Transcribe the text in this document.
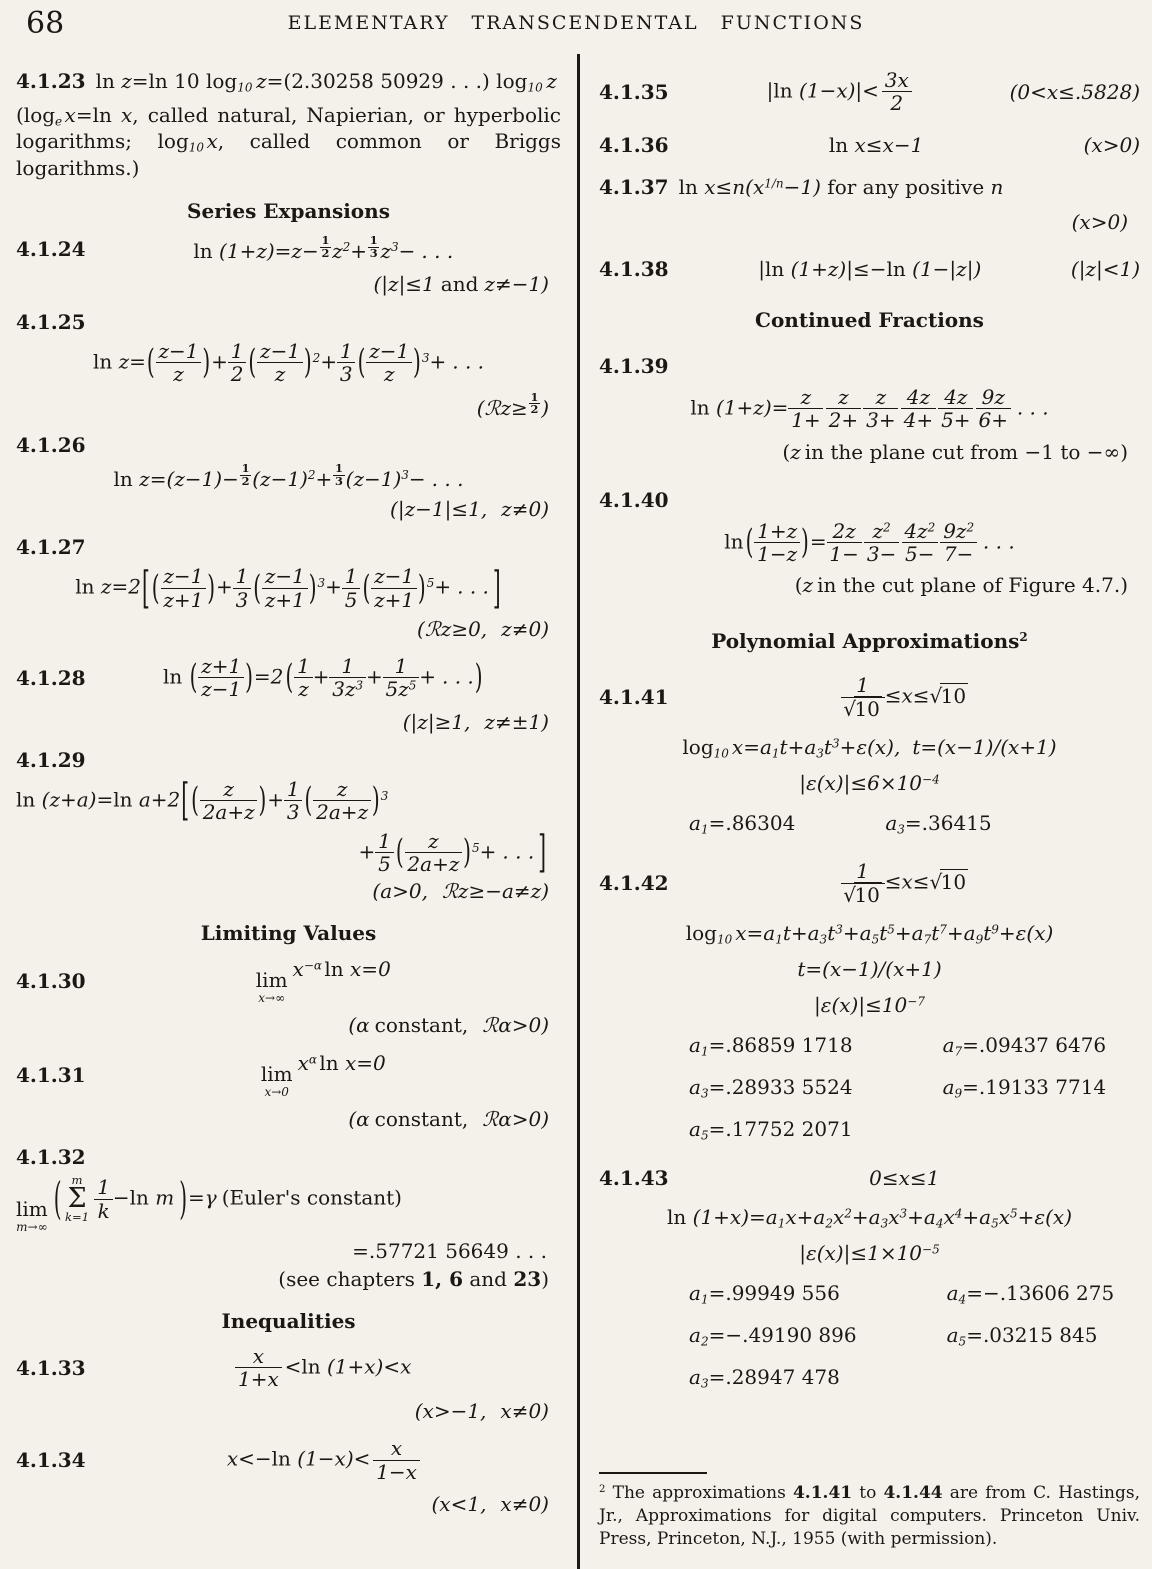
68	ELEMENTARY TRANSCENDENTAL FUNCTIONS
4.1.23 ln z=ln 10 log10 z=(2.30258 50929 . . .) log10 z

(loge x=ln x, called natural, Napierian, or hyperbolic logarithms; log10 x, called common or Briggs logarithms.)

Series Expansions
4.1.24	$\ln (1+z)=z- \frac{1}{2} z^2+ \frac{1}{3} z^3-$ . . .
(|z|≤1 and z≠−1)
4.1.25
$\ln z=( \frac{z-1}{z}$ )+ $\frac{1}{2}$ ( $\frac{z-1}{z} )^2+ \frac{1}{3}$ ( $\frac{z-1}{z} )^3+$ . . .
(ℛz≥ $\frac{1}{2}$ )
4.1.26
$\ln z=(z-1)- \frac{1}{2} (z-1)^2+ \frac{1}{3} (z-1)^3-$ . . .
(|z−1|≤1, z≠0)
4.1.27
ln z=2[ ( $\frac{z-1}{z+1}$ )+ $\frac{1}{3}$ ( $\frac{z-1}{z+1} )^3+ \frac{1}{5}$ ( $\frac{z-1}{z+1} )^5+$ . . . ]
(ℛz≥0, z≠0)
4.1.28	ln ( $\frac{z+1}{z-1} )=2$ ( $\frac{1}{z} + \frac{1}{3z^3} + \frac{1}{5z^5}$ + . . .)
(|z|≥1, z≠±1)
4.1.29
ln (z+a)=ln a+2[ ( $\frac{z}{2a+z}$ )+ $\frac{1}{3}$ ( $\frac{z}{2a+z} )^3$
+ $\frac{1}{5}$ ( $\frac{z}{2a+z} )^5+$ . . . ]
(a>0, ℛz≥−a≠z)
Limiting Values
4.1.30	lim
x→∞
$x^{-\alpha}$ ln x=0
(α constant, ℛα>0)
4.1.31	lim
x→0
$x^\alpha$ ln x=0
(α constant, ℛα>0)
4.1.32
lim
m→∞
( m
Σ
$k=1 \frac{1}{k} -\ln$ m )=γ (Euler's constant)
=.57721 56649 . . .
(see chapters 1, 6 and 23)
Inequalities
4.1.33	$\frac{x}{1+x} <\ln$ (1+x)<x
(x>−1, x≠0)
4.1.34	x<−ln $(1-x)< \frac{x}{1-x}$
(x<1, x≠0)
4.1.35	|ln $(1-x)|< \frac{3x}{2}$	(0<x≤.5828)
4.1.36	ln x≤x−1	(x>0)
4.1.37 $\ln x\le n(x^{1/n}-1)$ for any positive n
(x>0)
4.1.38	|ln (1+z)|≤−ln (1−|z|)	(|z|<1)
Continued Fractions
4.1.39
$\ln (1+z)= \frac{z}{1+} \frac{z}{2+} \frac{z}{3+} \frac{4z}{4+} \frac{4z}{5+} \frac{9z}{6+}$ . . .
(z in the plane cut from −1 to −∞)
4.1.40
ln ( $\frac{1+z}{1-z}$ )= $\frac{2z}{1-} \frac{z^2}{3-} \frac{4z^2}{5-} \frac{9z^2}{7-}$ . . .
(z in the cut plane of Figure 4.7.)
Polynomial Approximations$^2$
4.1.41	$\frac{1}{√10} \le x\le√10$
log10 $x=a1t+a3t^3+\varepsilon(x)$, t=(x−1)/(x+1)
$|\varepsilon(x)|\le 6\times 10^{-4}$
a1=.86304	a3=.36415
4.1.42	$\frac{1}{√10} \le x\le√10$
log10 $x=a1t+a3t^3+a5t^5+a7t^7+a9t^9+\varepsilon(x)$
t=(x−1)/(x+1)
$|\varepsilon(x)|\le 10^{-7}$
a1=.86859 1718	a7=.09437 6476
a3=.28933 5524	a9=.19133 7714
a5=.17752 2071
4.1.43	0≤x≤1
$\ln (1+x)=a1x+a2x^2+a3x^3+a4x^4+a5x^5+\varepsilon(x)$
$|\varepsilon(x)|\le 1\times 10^{-5}$
a1=.99949 556	a4=−.13606 275
a2=−.49190 896	a5=.03215 845
a3=.28947 478

$^2$ The approximations 4.1.41 to 4.1.44 are from C. Hastings, Jr., Approximations for digital computers. Princeton Univ. Press, Princeton, N.J., 1955 (with permission).
